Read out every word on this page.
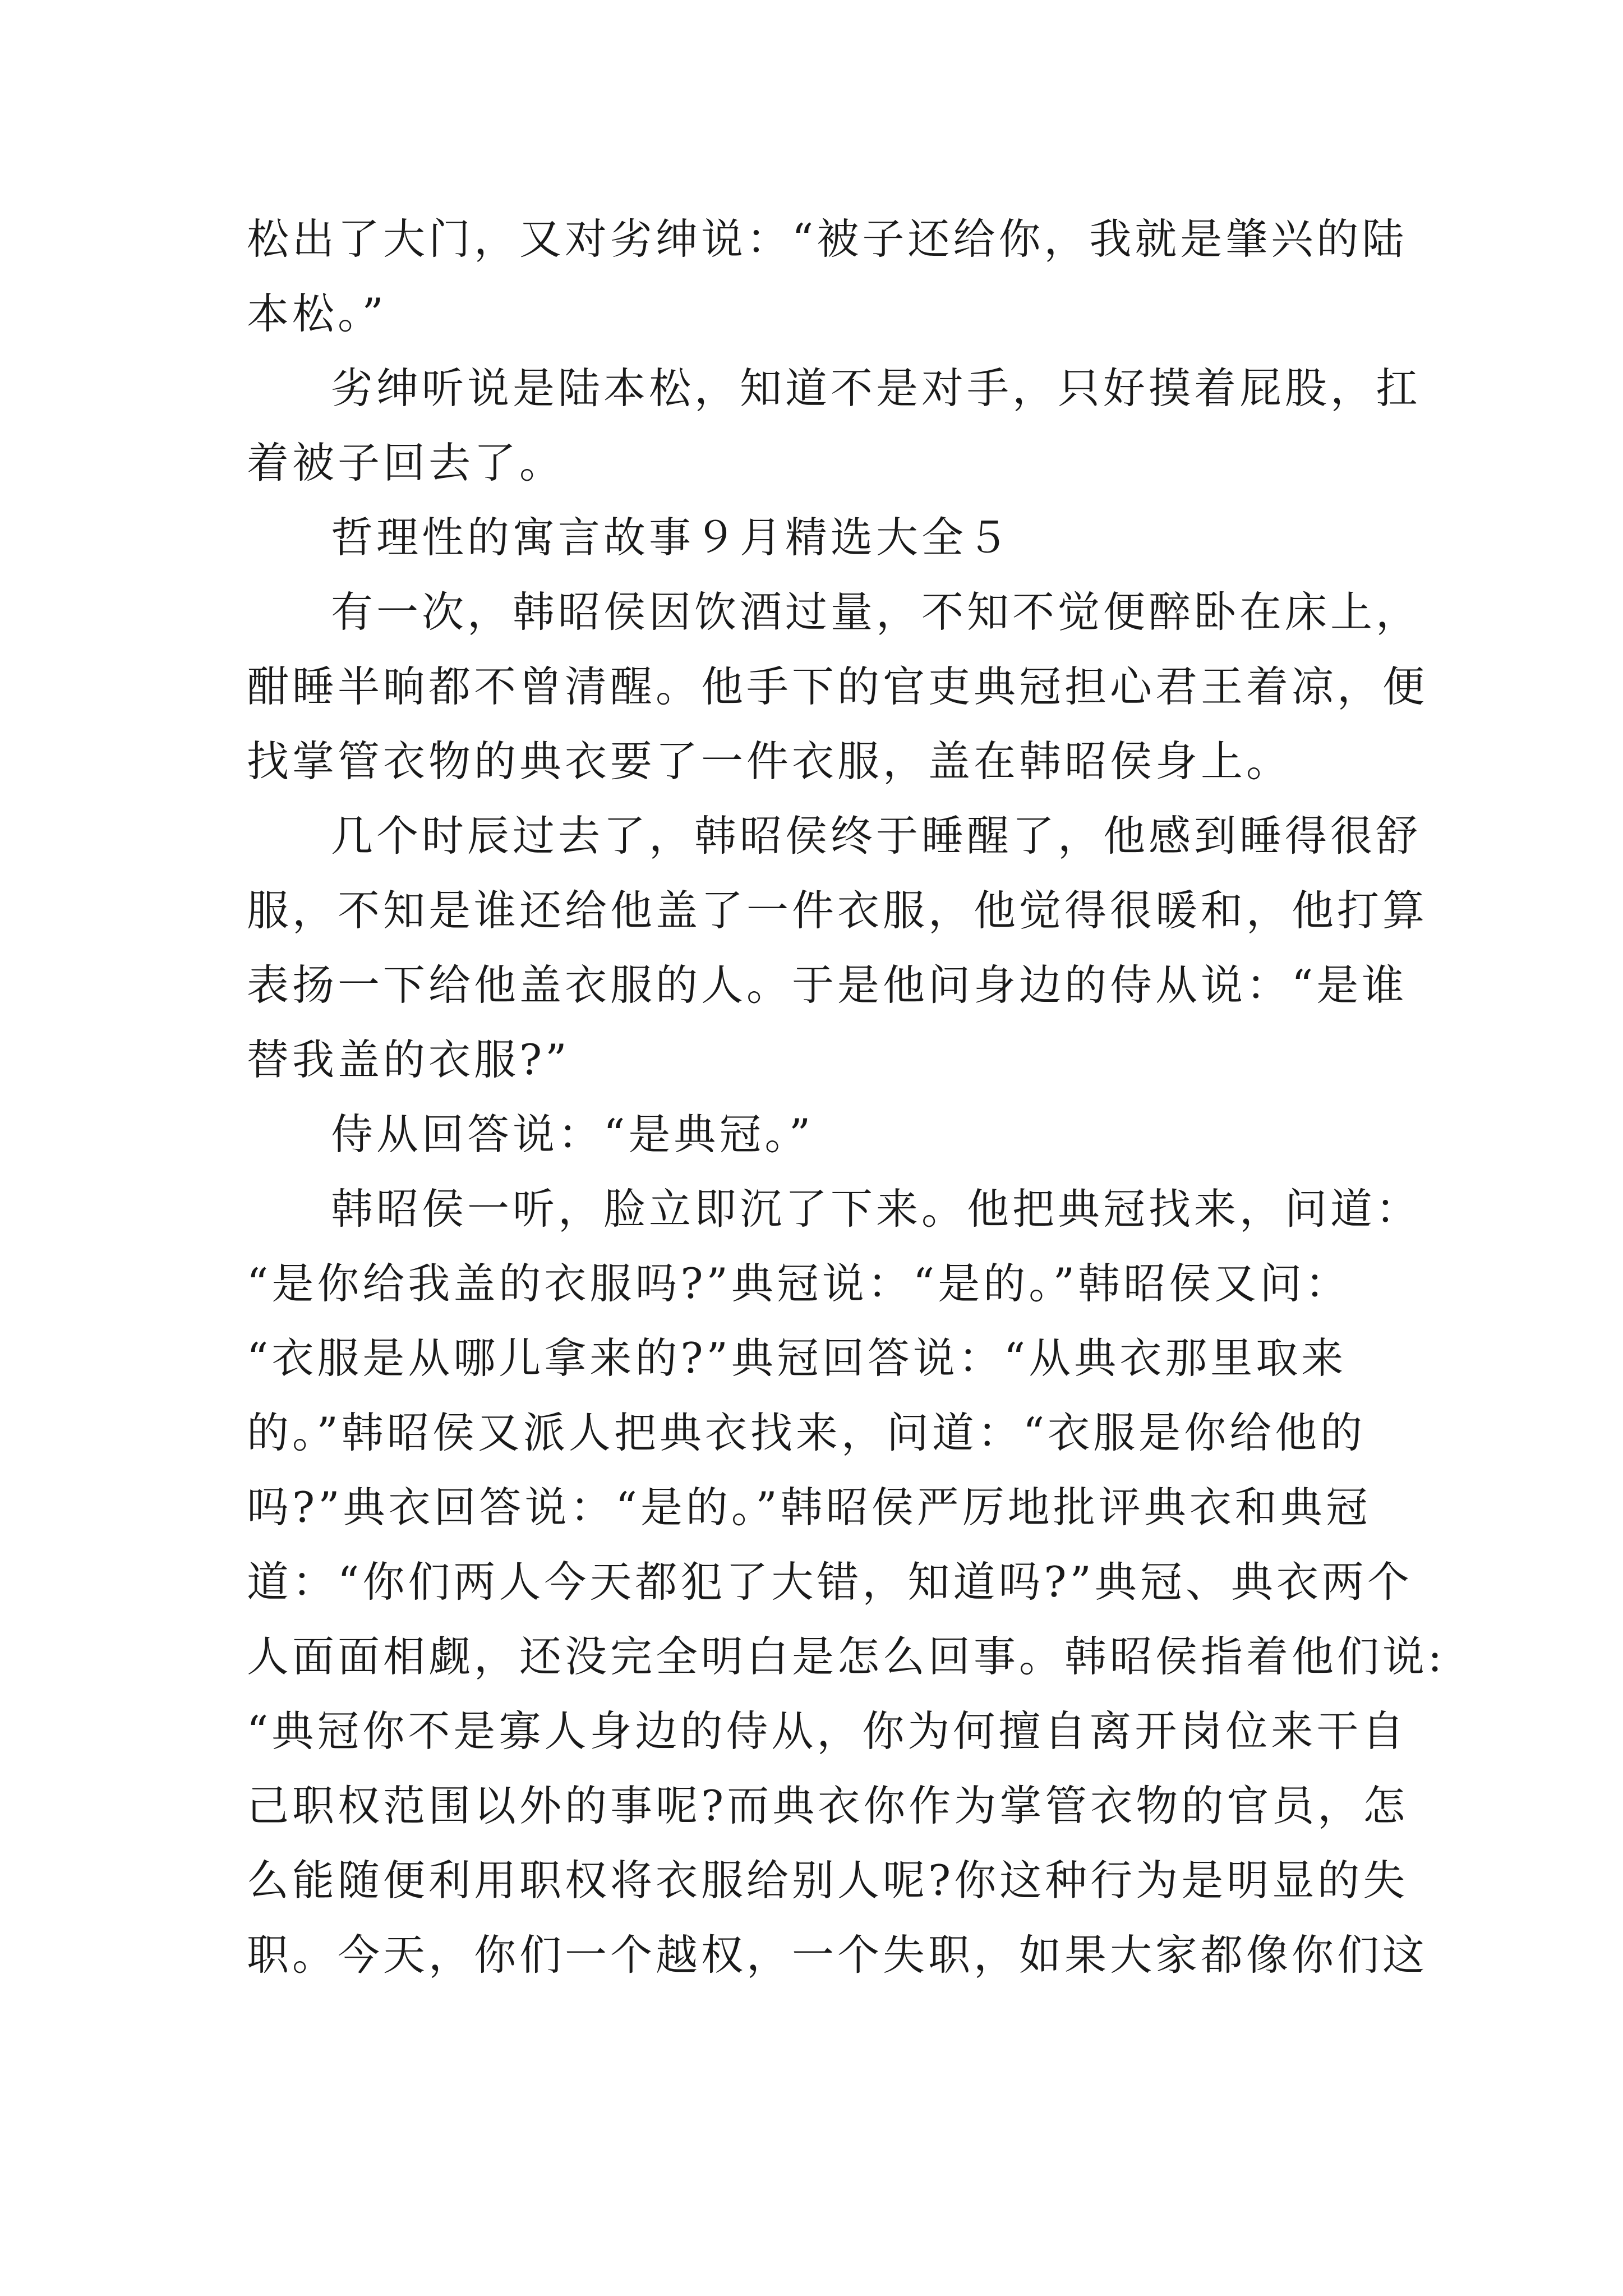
松出了大门，又对劣绅说：“被子还给你，我就是肇兴的陆
本松。”

劣绅听说是陆本松，知道不是对手，只好摸着屁股，扛
着被子回去了。

哲理性的寓言故事９月精选大全５

有一次，韩昭侯因饮酒过量，不知不觉便醉卧在床上，
酣睡半晌都不曾清醒。他手下的官吏典冠担心君王着凉，便
找掌管衣物的典衣要了一件衣服，盖在韩昭侯身上。

几个时辰过去了，韩昭侯终于睡醒了，他感到睡得很舒
服，不知是谁还给他盖了一件衣服，他觉得很暖和，他打算
表扬一下给他盖衣服的人。于是他问身边的侍从说：“是谁
替我盖的衣服?”

侍从回答说：“是典冠。”

韩昭侯一听，脸立即沉了下来。他把典冠找来，问道：
“是你给我盖的衣服吗?”典冠说：“是的。”韩昭侯又问：
“衣服是从哪儿拿来的?”典冠回答说：“从典衣那里取来
的。”韩昭侯又派人把典衣找来，问道：“衣服是你给他的
吗?”典衣回答说：“是的。”韩昭侯严厉地批评典衣和典冠
道：“你们两人今天都犯了大错，知道吗?”典冠、典衣两个
人面面相觑，还没完全明白是怎么回事。韩昭侯指着他们说:
“典冠你不是寡人身边的侍从，你为何擅自离开岗位来干自
己职权范围以外的事呢?而典衣你作为掌管衣物的官员，怎
么能随便利用职权将衣服给别人呢?你这种行为是明显的失
职。今天，你们一个越权，一个失职，如果大家都像你们这
